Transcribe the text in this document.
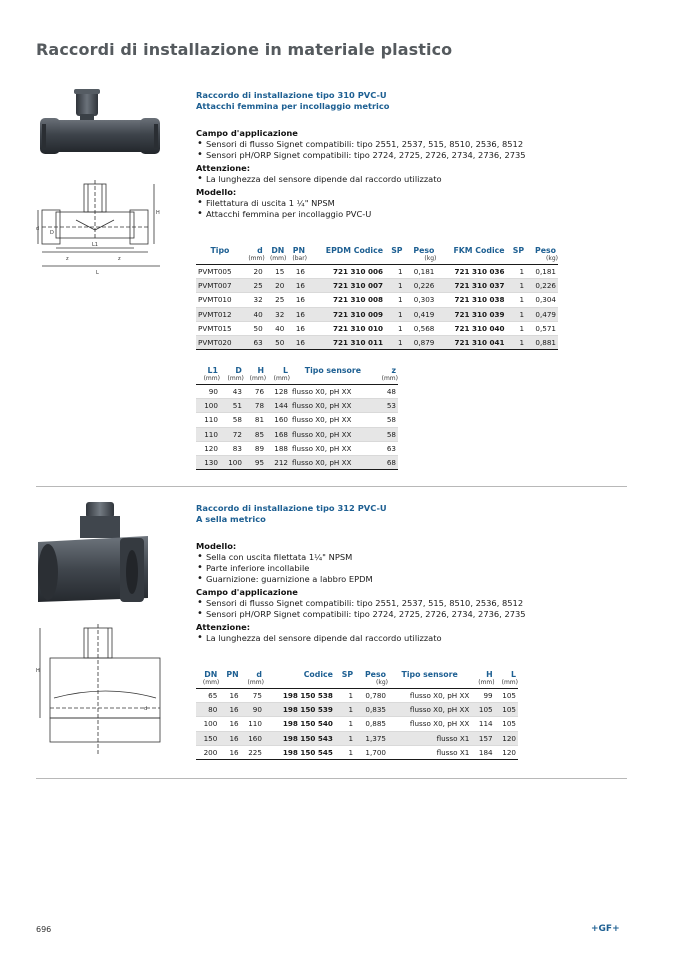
Raccordi di installazione in materiale plastico
L1
z	z
L
d
D
H
Raccordo di installazione tipo 310 PVC-U
Attacchi femmina per incollaggio metrico
Campo d'applicazione
• Sensori di flusso Signet compatibili: tipo 2551, 2537, 515, 8510, 2536, 8512
• Sensori pH/ORP Signet compatibili: tipo 2724, 2725, 2726, 2734, 2736, 2735
Attenzione:
• La lunghezza del sensore dipende dal raccordo utilizzato
Modello:
• Filettatura di uscita 1 ¼" NPSM
• Attacchi femmina per incollaggio PVC-U
Tipo	d	DN	PN	EPDM Codice	SP	Peso	FKM Codice	SP	Peso
	(mm)	(mm)	(bar)			(kg)			(kg)
PVMT005	20	15	16	721 310 006	1	0,181	721 310 036	1	0,181
PVMT007	25	20	16	721 310 007	1	0,226	721 310 037	1	0,226
PVMT010	32	25	16	721 310 008	1	0,303	721 310 038	1	0,304
PVMT012	40	32	16	721 310 009	1	0,419	721 310 039	1	0,479
PVMT015	50	40	16	721 310 010	1	0,568	721 310 040	1	0,571
PVMT020	63	50	16	721 310 011	1	0,879	721 310 041	1	0,881
L1	D	H	L	Tipo sensore	z
(mm)	(mm)	(mm)	(mm)		(mm)
90	43	76	128	flusso X0, pH XX	48
100	51	78	144	flusso X0, pH XX	53
110	58	81	160	flusso X0, pH XX	58
110	72	85	168	flusso X0, pH XX	58
120	83	89	188	flusso X0, pH XX	63
130	100	95	212	flusso X0, pH XX	68
H
d
Raccordo di installazione tipo 312 PVC-U
A sella metrico
Modello:
• Sella con uscita filettata 1¼" NPSM
• Parte inferiore incollabile
• Guarnizione: guarnizione a labbro EPDM
Campo d'applicazione
• Sensori di flusso Signet compatibili: tipo 2551, 2537, 515, 8510, 2536, 8512
• Sensori pH/ORP Signet compatibili: tipo 2724, 2725, 2726, 2734, 2736, 2735
Attenzione:
• La lunghezza del sensore dipende dal raccordo utilizzato
DN	PN	d	Codice	SP	Peso	Tipo sensore	H	L
(mm)		(mm)			(kg)		(mm)	(mm)
65	16	75	198 150 538	1	0,780	flusso X0, pH XX	99	105
80	16	90	198 150 539	1	0,835	flusso X0, pH XX	105	105
100	16	110	198 150 540	1	0,885	flusso X0, pH XX	114	105
150	16	160	198 150 543	1	1,375	flusso X1	157	120
200	16	225	198 150 545	1	1,700	flusso X1	184	120
696	+GF+
